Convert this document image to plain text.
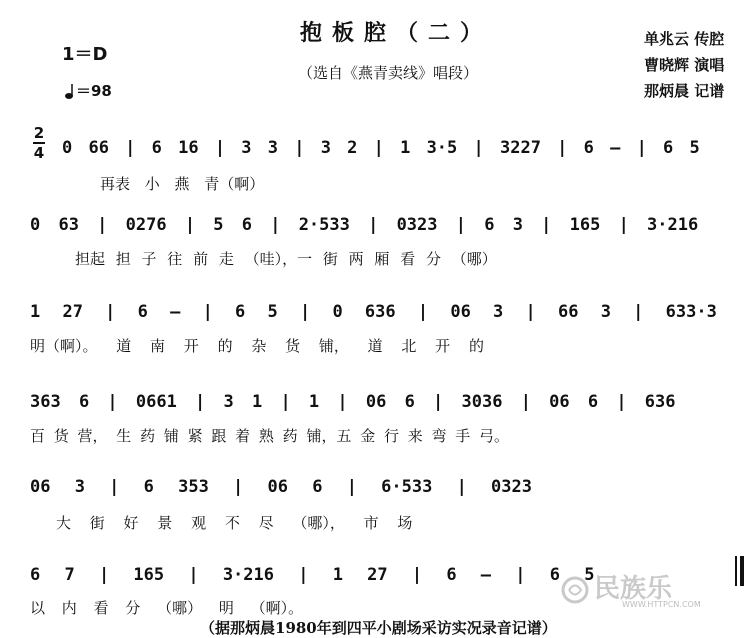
1＝D
＝98
抱板腔（二）
（选自《燕青卖线》唱段）
单兆云 传腔
曹晓辉 演唱
那炳晨 记谱
2
4 0 66 | 6 16 | 3 3 | 3 2 | 1 3·5 | 3227 | 6 – | 6 5
再表 小 燕 青（啊）
0 63 | 0276 | 5 6 | 2·533 | 0323 | 6 3 | 165 | 3·216
担起 担 子 往 前 走 （哇），一 街 两 厢 看 分 （哪）
1 27 | 6 – | 6 5 | 0 636 | 06 3 | 66 3 | 633·3
明（啊）。 道 南 开 的 杂 货 铺， 道 北 开 的
363 6 | 0661 | 3 1 | 1 | 06 6 | 3036 | 06 6 | 636
百 货 营， 生 药 铺 紧 跟 着 熟 药 铺，五 金 行 来 弯 手 弓。
06 3 | 6 353 | 06 6 | 6·533 | 0323
大 街 好 景 观 不 尽 （哪）， 市 场
6 7 | 165 | 3·216 | 1 27 | 6 – | 6 5
以 内 看 分 （哪） 明 （啊）。
民族乐
WWW.HTTPCN.COM
（据那炳晨1980年到四平小剧场采访实况录音记谱）
